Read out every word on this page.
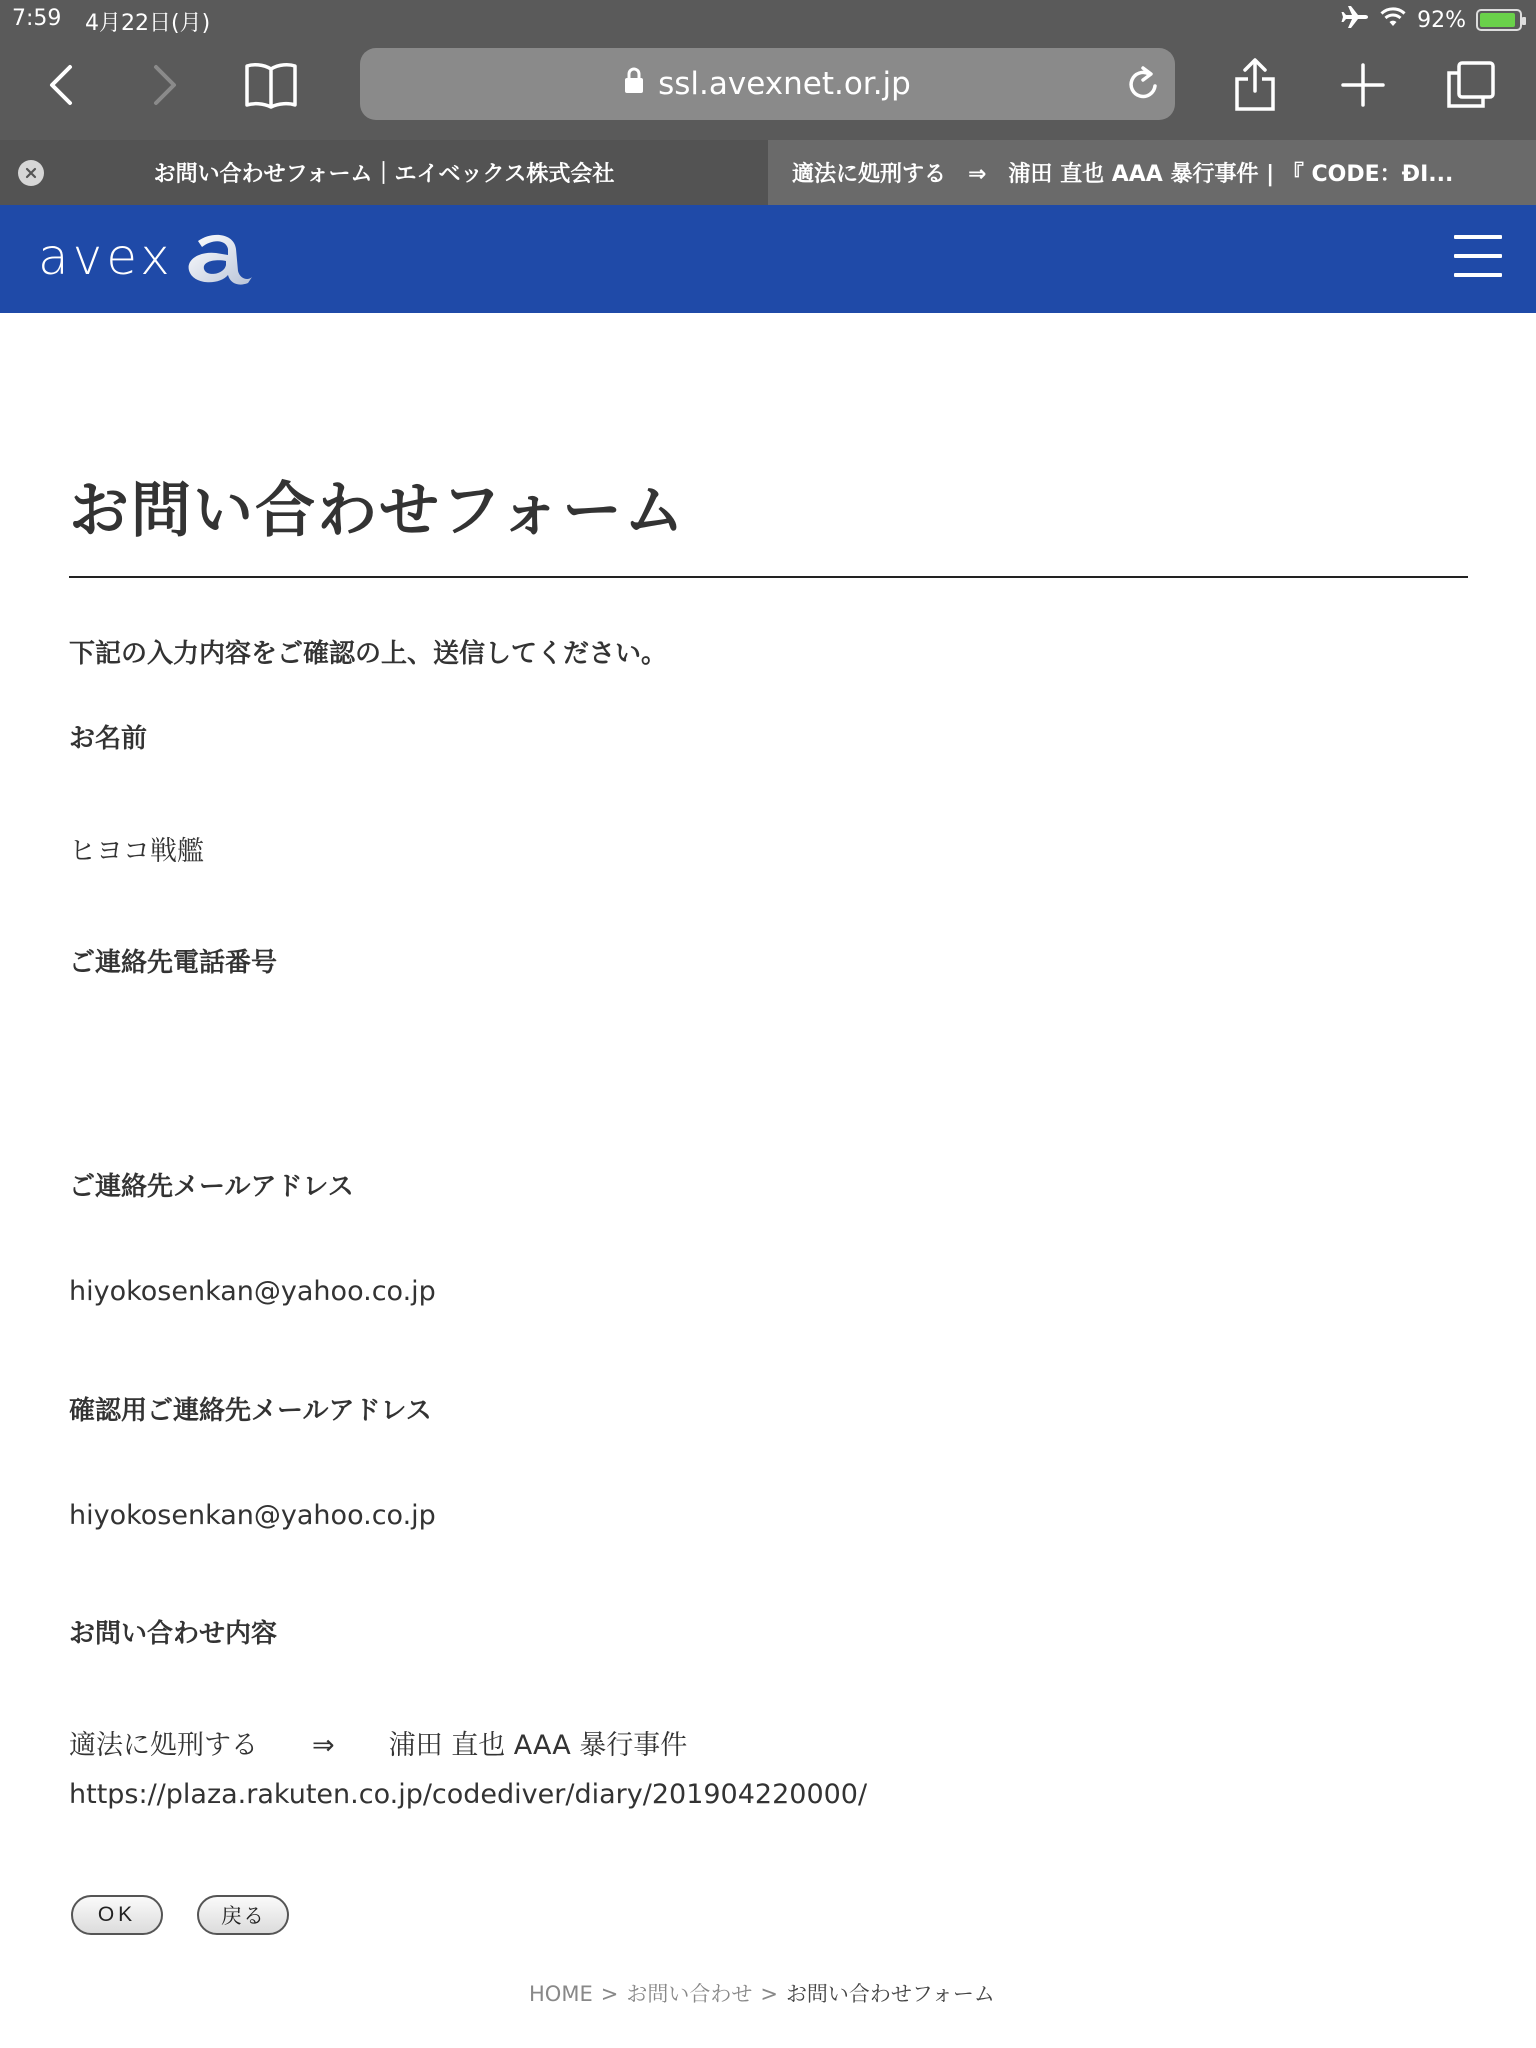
7:59 4月22日(月)	92%
ssl.avexnet.or.jp
お問い合わせフォーム｜エイベックス株式会社	適法に処刑する　⇒　浦田 直也 AAA 暴行事件 | 『 CODE：ĐI...
avex
お問い合わせフォーム

下記の入力内容をご確認の上、送信してください。

お名前
ヒヨコ戦艦
ご連絡先電話番号
ご連絡先メールアドレス
hiyokosenkan@yahoo.co.jp
確認用ご連絡先メールアドレス
hiyokosenkan@yahoo.co.jp
お問い合わせ内容
適法に処刑する　　⇒　　浦田 直也 AAA 暴行事件
https://plaza.rakuten.co.jp/codediver/diary/201904220000/
OK	戻る
HOME > お問い合わせ > お問い合わせフォーム
